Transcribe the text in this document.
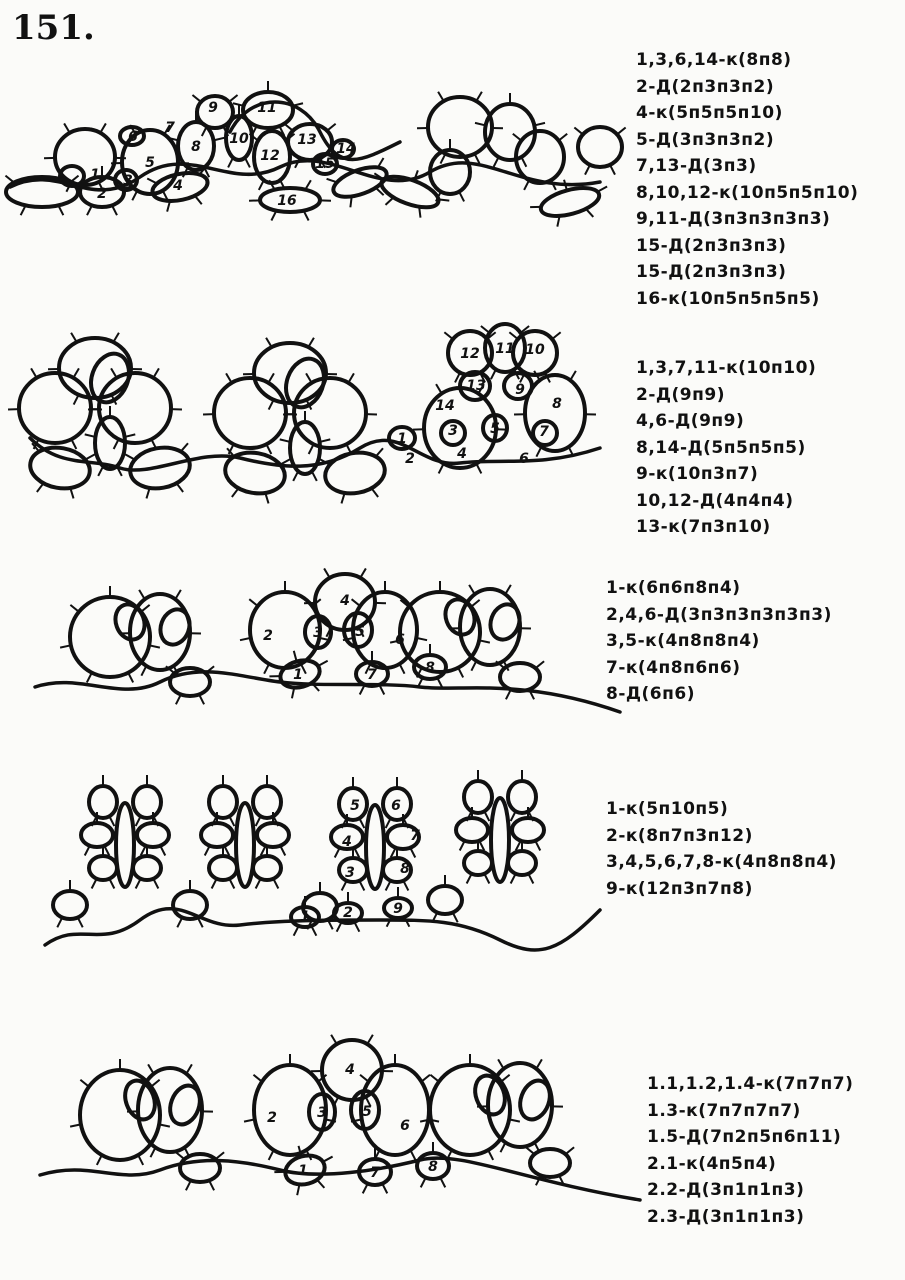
151.
1
2
3	4
5
6
7
8
9
10
11
12
13
14
15
16
1
2
3
4
5
6
7
8
9
10
11
12
13
14
1
2	3
4
5 6
7	8
1 2
3
4
5 6
7
8
9
1
2	3
4
5
6
7	8
1,3,6,14-к(8п8)
2-Д(2п3п3п2)
4-к(5п5п5п10)
5-Д(3п3п3п2)
7,13-Д(3п3)
8,10,12-к(10п5п5п10)
9,11-Д(3п3п3п3п3)
15-Д(2п3п3п3)
15-Д(2п3п3п3)
16-к(10п5п5п5п5)
1,3,7,11-к(10п10)
2-Д(9п9)
4,6-Д(9п9)
8,14-Д(5п5п5п5)
9-к(10п3п7)
10,12-Д(4п4п4)
13-к(7п3п10)
1-к(6п6п8п4)
2,4,6-Д(3п3п3п3п3п3)
3,5-к(4п8п8п4)
7-к(4п8п6п6)
8-Д(6п6)
1-к(5п10п5)
2-к(8п7п3п12)
3,4,5,6,7,8-к(4п8п8п4)
9-к(12п3п7п8)
1.1,1.2,1.4-к(7п7п7)
1.3-к(7п7п7п7)
1.5-Д(7п2п5п6п11)
2.1-к(4п5п4)
2.2-Д(3п1п1п3)
2.3-Д(3п1п1п3)
